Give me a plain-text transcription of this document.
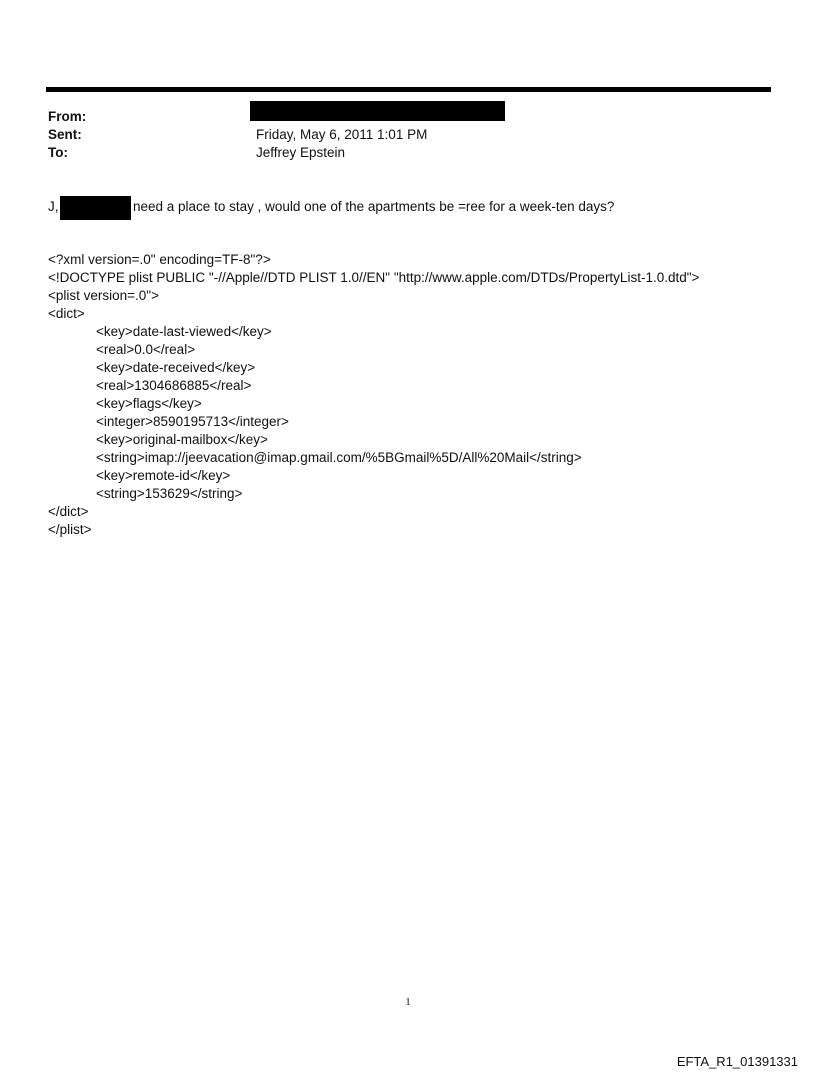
From:
Sent:	Friday, May 6, 2011 1:01 PM
To:	Jeffrey Epstein
J,	need a place to stay , would one of the apartments be =ree for a week-ten days?
<?xml version=.0" encoding=TF-8"?>
<!DOCTYPE plist PUBLIC "-//Apple//DTD PLIST 1.0//EN" "http://www.apple.com/DTDs/PropertyList-1.0.dtd">
<plist version=.0">
<dict>
<key>date-last-viewed</key>
<real>0.0</real>
<key>date-received</key>
<real>1304686885</real>
<key>flags</key>
<integer>8590195713</integer>
<key>original-mailbox</key>
<string>imap://jeevacation@imap.gmail.com/%5BGmail%5D/All%20Mail</string>
<key>remote-id</key>
<string>153629</string>
</dict>
</plist>
1
EFTA_R1_01391331
